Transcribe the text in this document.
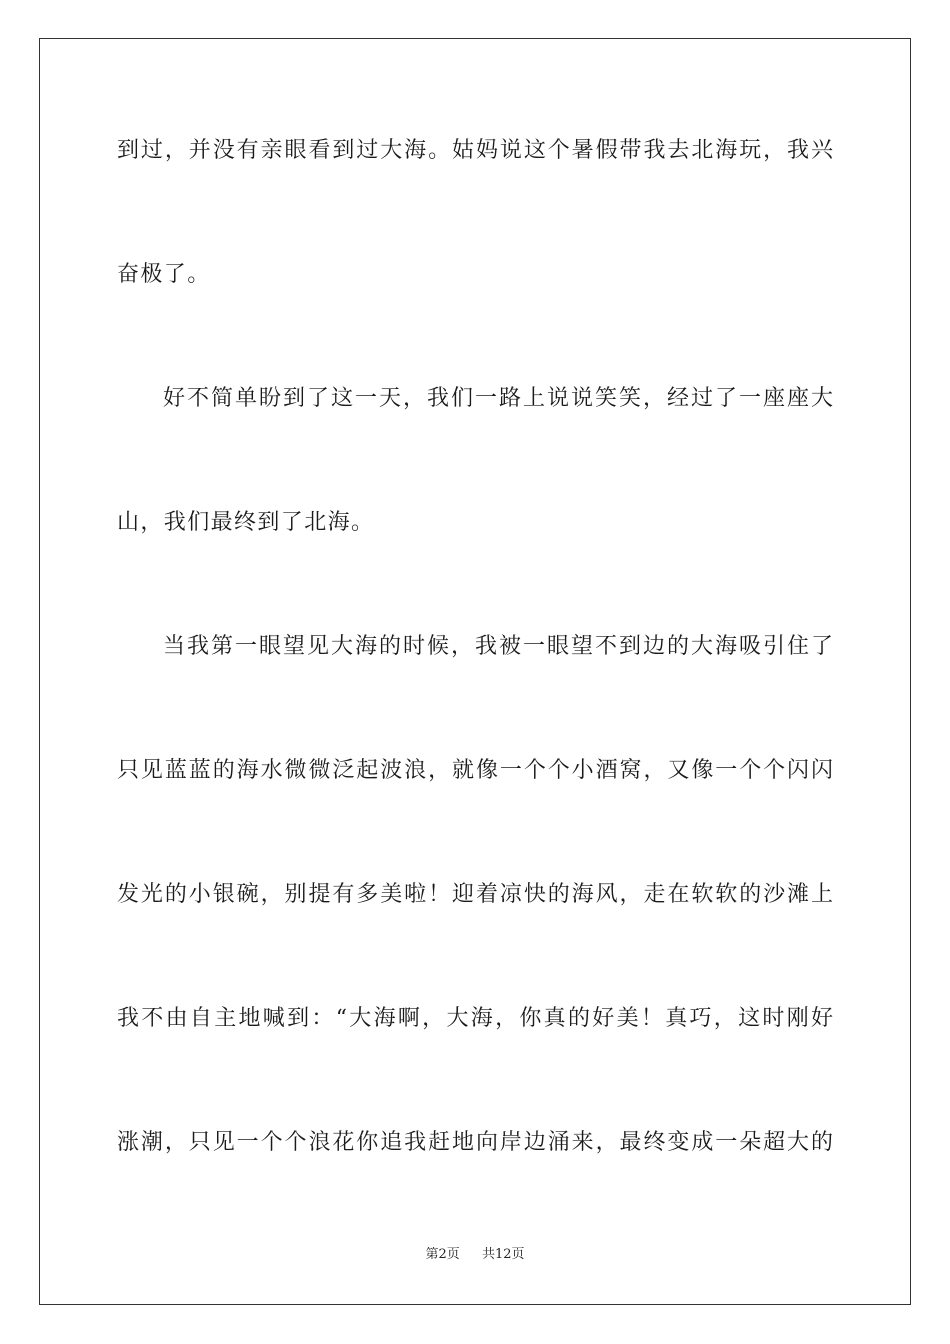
到过，并没有亲眼看到过大海。姑妈说这个暑假带我去北海玩，我兴
奋极了。
好不简单盼到了这一天，我们一路上说说笑笑，经过了一座座大
山，我们最终到了北海。
当我第一眼望见大海的时候，我被一眼望不到边的大海吸引住了
只见蓝蓝的海水微微泛起波浪，就像一个个小酒窝，又像一个个闪闪
发光的小银碗，别提有多美啦！迎着凉快的海风，走在软软的沙滩上
我不由自主地喊到：“大海啊，大海，你真的好美！真巧，这时刚好
涨潮，只见一个个浪花你追我赶地向岸边涌来，最终变成一朵超大的
第2页 共12页
